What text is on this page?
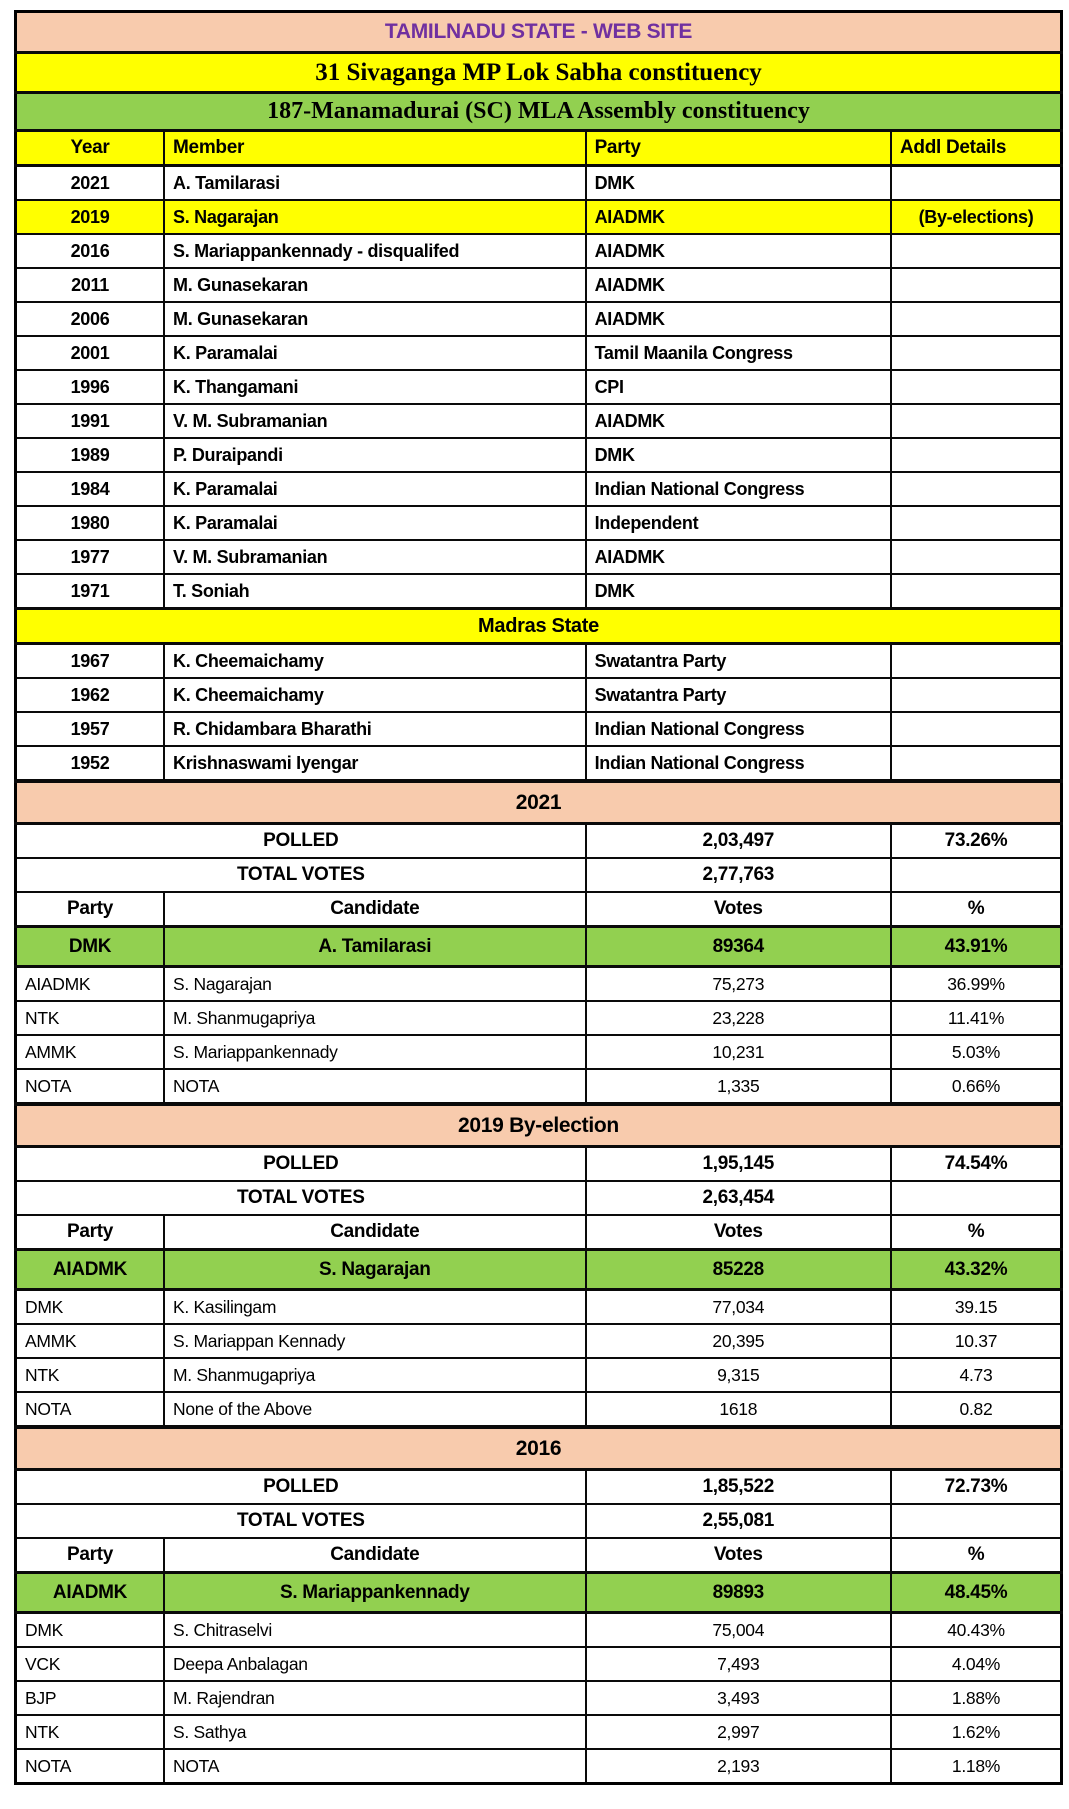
TAMILNADU STATE - WEB SITE			
31 Sivaganga MP Lok Sabha constituency			
187-Manamadurai (SC) MLA Assembly constituency			
Year	Member	Party	Addl Details
2021	A. Tamilarasi	DMK	
2019	S. Nagarajan	AIADMK	(By-elections)
2016	S. Mariappankennady - disqualifed	AIADMK	
2011	M. Gunasekaran	AIADMK	
2006	M. Gunasekaran	AIADMK	
2001	K. Paramalai	Tamil Maanila Congress	
1996	K. Thangamani	CPI	
1991	V. M. Subramanian	AIADMK	
1989	P. Duraipandi	DMK	
1984	K. Paramalai	Indian National Congress	
1980	K. Paramalai	Independent	
1977	V. M. Subramanian	AIADMK	
1971	T. Soniah	DMK	
Madras State			
1967	K. Cheemaichamy	Swatantra Party	
1962	K. Cheemaichamy	Swatantra Party	
1957	R. Chidambara Bharathi	Indian National Congress	
1952	Krishnaswami Iyengar	Indian National Congress	
2021			
POLLED		2,03,497	73.26%
TOTAL VOTES		2,77,763	
Party	Candidate	Votes	%
DMK	A. Tamilarasi	89364	43.91%
AIADMK	S. Nagarajan	75,273	36.99%
NTK	M. Shanmugapriya	23,228	11.41%
AMMK	S. Mariappankennady	10,231	5.03%
NOTA	NOTA	1,335	0.66%
2019 By-election			
POLLED		1,95,145	74.54%
TOTAL VOTES		2,63,454	
Party	Candidate	Votes	%
AIADMK	S. Nagarajan	85228	43.32%
DMK	K. Kasilingam	77,034	39.15
AMMK	S. Mariappan Kennady	20,395	10.37
NTK	M. Shanmugapriya	9,315	4.73
NOTA	None of the Above	1618	0.82
2016			
POLLED		1,85,522	72.73%
TOTAL VOTES		2,55,081	
Party	Candidate	Votes	%
AIADMK	S. Mariappankennady	89893	48.45%
DMK	S. Chitraselvi	75,004	40.43%
VCK	Deepa Anbalagan	7,493	4.04%
BJP	M. Rajendran	3,493	1.88%
NTK	S. Sathya	2,997	1.62%
NOTA	NOTA	2,193	1.18%
